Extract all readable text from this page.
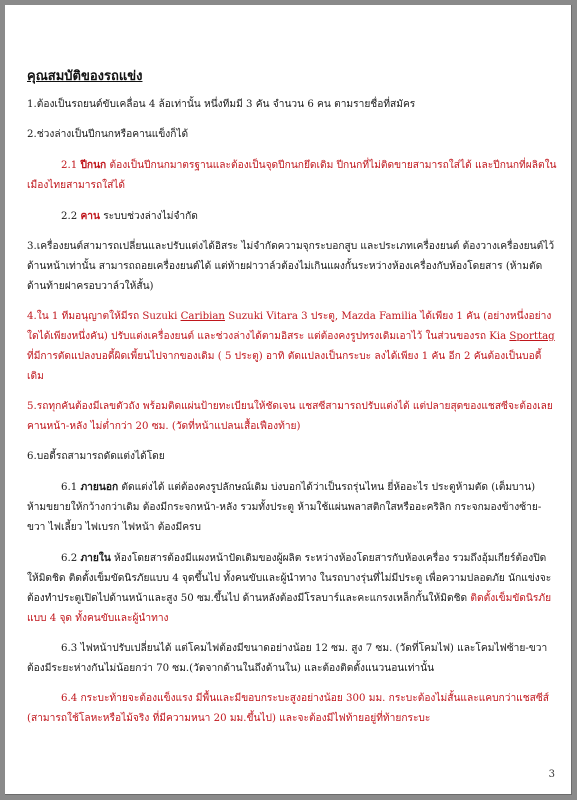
คุณสมบัติของรถแข่ง

1.ต้องเป็นรถยนต์ขับเคลื่อน 4 ล้อเท่านั้น หนึ่งทีมมี 3 คัน จำนวน 6 คน ตามรายชื่อที่สมัคร

2.ช่วงล่างเป็นปีกนกหรือคานแข็งก็ได้

2.1 ปีกนก ต้องเป็นปีกนกมาตรฐานและต้องเป็นจุดปีกนกยึดเดิม ปีกนกที่ไม่ติดขายสามารถใส่ได้ และปีกนกที่ผลิตในเมืองไทยสามารถใส่ได้

2.2 คาน ระบบช่วงล่างไม่จำกัด

3.เครื่องยนต์สามารถเปลี่ยนและปรับแต่งได้อิสระ ไม่จำกัดความจุกระบอกสูบ และประเภทเครื่องยนต์ ต้องวางเครื่องยนต์ไว้ด้านหน้าเท่านั้น สามารถถอยเครื่องยนต์ได้ แต่ท้ายฝาวาล์วต้องไม่เกินแผงกั้นระหว่างห้องเครื่องกับห้องโดยสาร (ห้ามตัดด้านท้ายฝาครอบวาล์วให้สั้น)

4.ใน 1 ทีมอนุญาตให้มีรถ Suzuki Caribian Suzuki Vitara 3 ประตู, Mazda Familia ได้เพียง 1 คัน (อย่างหนึ่งอย่างใดได้เพียงหนึ่งคัน) ปรับแต่งเครื่องยนต์ และช่วงล่างได้ตามอิสระ แต่ต้องคงรูปทรงเดิมเอาไว้ ในส่วนของรถ Kia Sporttag ที่มีการตัดแปลงบอดี้ผิดเพี้ยนไปจากของเดิม ( 5 ประตู) อาทิ ตัดแปลงเป็นกระบะ ลงได้เพียง 1 คัน อีก 2 คันต้องเป็นบอดี้เดิม

5.รถทุกคันต้องมีเลขตัวถัง พร้อมติดแผ่นป้ายทะเบียนให้ชัดเจน แชสซีสามารถปรับแต่งได้ แต่ปลายสุดของแชสซีจะต้องเลยคานหน้า-หลัง ไม่ต่ำกว่า 20 ซม. (วัดที่หน้าแปลนเสื้อเฟืองท้าย)

6.บอดี้รถสามารถดัดแต่งได้โดย

6.1 ภายนอก ตัดแต่งได้ แต่ต้องคงรูปลักษณ์เดิม บ่งบอกได้ว่าเป็นรถรุ่นไหน ยี่ห้ออะไร ประตูห้ามตัด (เต็มบาน) ห้ามขยายให้กว้างกว่าเดิม ต้องมีกระจกหน้า-หลัง รวมทั้งประตู ห้ามใช้แผ่นพลาสติกใสหรืออะคริลิก กระจกมองข้างซ้าย-ขวา ไฟเลี้ยว ไฟเบรก ไฟหน้า ต้องมีครบ

6.2 ภายใน ห้องโดยสารต้องมีแผงหน้าปัดเดิมของผู้ผลิต ระหว่างห้องโดยสารกับห้องเครื่อง รวมถึงอุ้มเกียร์ต้องปิดให้มิดชิด ติดตั้งเข็มขัดนิรภัยแบบ 4 จุดขึ้นไป ทั้งคนขับและผู้นำทาง ในรถบางรุ่นที่ไม่มีประตู เพื่อความปลอดภัย นักแข่งจะต้องทำประตูเปิดไปด้านหน้าและสูง 50 ซม.ขึ้นไป ด้านหลังต้องมีโรลบาร์และคะแกรงเหล็กกั้นให้มิดชิด ติดตั้งเข็มขัดนิรภัยแบบ 4 จุด ทั้งคนขับและผู้นำทาง

6.3 ไฟหน้าปรับเปลี่ยนได้ แต่โคมไฟต้องมีขนาดอย่างน้อย 12 ซม. สูง 7 ซม. (วัดที่โคมไฟ) และโคมไฟซ้าย-ขวา ต้องมีระยะห่างกันไม่น้อยกว่า 70 ซม.(วัดจากด้านในถึงด้านใน) และต้องติดตั้งแนวนอนเท่านั้น

6.4 กระบะท้ายจะต้องแข็งแรง มีพื้นและมีขอบกระบะสูงอย่างน้อย 300 มม. กระบะต้องไม่สั้นและแคบกว่าแชสซีส์ (สามารถใช้โลหะหรือไม้จริง ที่มีความหนา 20 มม.ขึ้นไป) และจะต้องมีไฟท้ายอยู่ที่ท้ายกระบะ

3
